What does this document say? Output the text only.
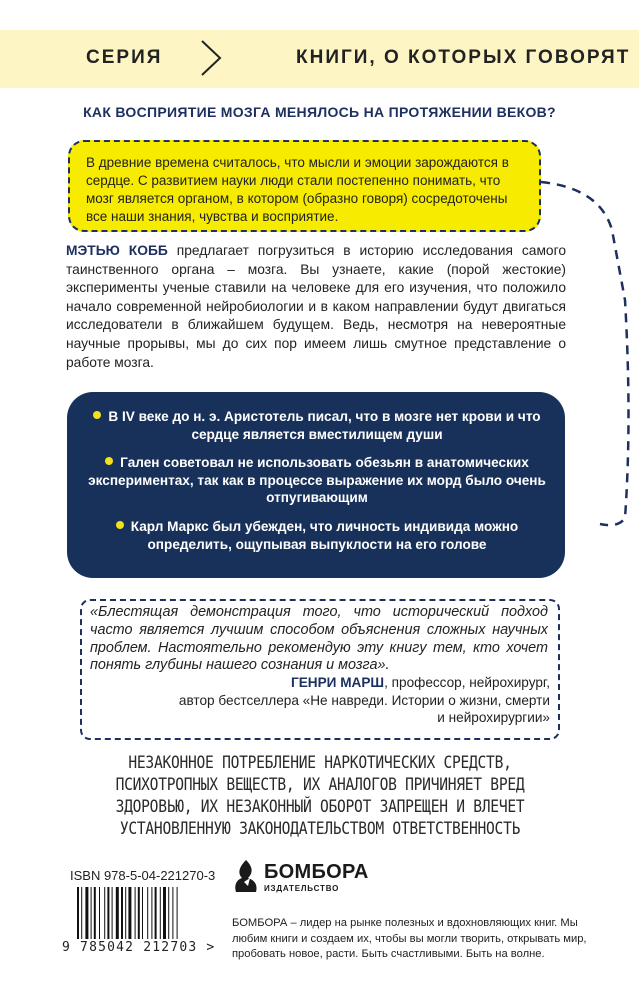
СЕРИЯ	КНИГИ, О КОТОРЫХ ГОВОРЯТ
КАК ВОСПРИЯТИЕ МОЗГА МЕНЯЛОСЬ НА ПРОТЯЖЕНИИ ВЕКОВ?
В древние времена считалось, что мысли и эмоции зарождаются в сердце. С развитием науки люди стали постепенно понимать, что мозг является органом, в котором (образно говоря) сосредоточены все наши знания, чувства и восприятие.
МЭТЬЮ КОББ предлагает погрузиться в историю исследования самого таинственного органа – мозга. Вы узнаете, какие (порой жестокие) эксперименты ученые ставили на человеке для его изучения, что положило начало современной нейробиологии и в каком направлении будут двигаться исследователи в ближайшем будущем. Ведь, несмотря на невероятные научные прорывы, мы до сих пор имеем лишь смутное представление о работе мозга.
В IV веке до н. э. Аристотель писал, что в мозге нет крови и что сердце является вместилищем души
Гален советовал не использовать обезьян в анатомических экспериментах, так как в процессе выражение их морд было очень отпугивающим
Карл Маркс был убежден, что личность индивида можно определить, ощупывая выпуклости на его голове
«Блестящая демонстрация того, что исторический подход часто является лучшим способом объяснения сложных научных проблем. Настоятельно рекомендую эту книгу тем, кто хочет понять глубины нашего сознания и мозга».
ГЕНРИ МАРШ, профессор, нейрохирург,
автор бестселлера «Не навреди. Истории о жизни, смерти
и нейрохирургии»
НЕЗАКОННОЕ ПОТРЕБЛЕНИЕ НАРКОТИЧЕСКИХ СРЕДСТВ, ПСИХОТРОПНЫХ ВЕЩЕСТВ, ИХ АНАЛОГОВ ПРИЧИНЯЕТ ВРЕД ЗДОРОВЬЮ, ИХ НЕЗАКОННЫЙ ОБОРОТ ЗАПРЕЩЕН И ВЛЕЧЕТ УСТАНОВЛЕННУЮ ЗАКОНОДАТЕЛЬСТВОМ ОТВЕТСТВЕННОСТЬ
ISBN 978-5-04-221270-3
9 785042 212703 >
БОМБОРА
ИЗДАТЕЛЬСТВО
БОМБОРА – лидер на рынке полезных и вдохновляющих книг. Мы любим книги и создаем их, чтобы вы могли творить, открывать мир, пробовать новое, расти. Быть счастливыми. Быть на волне.
